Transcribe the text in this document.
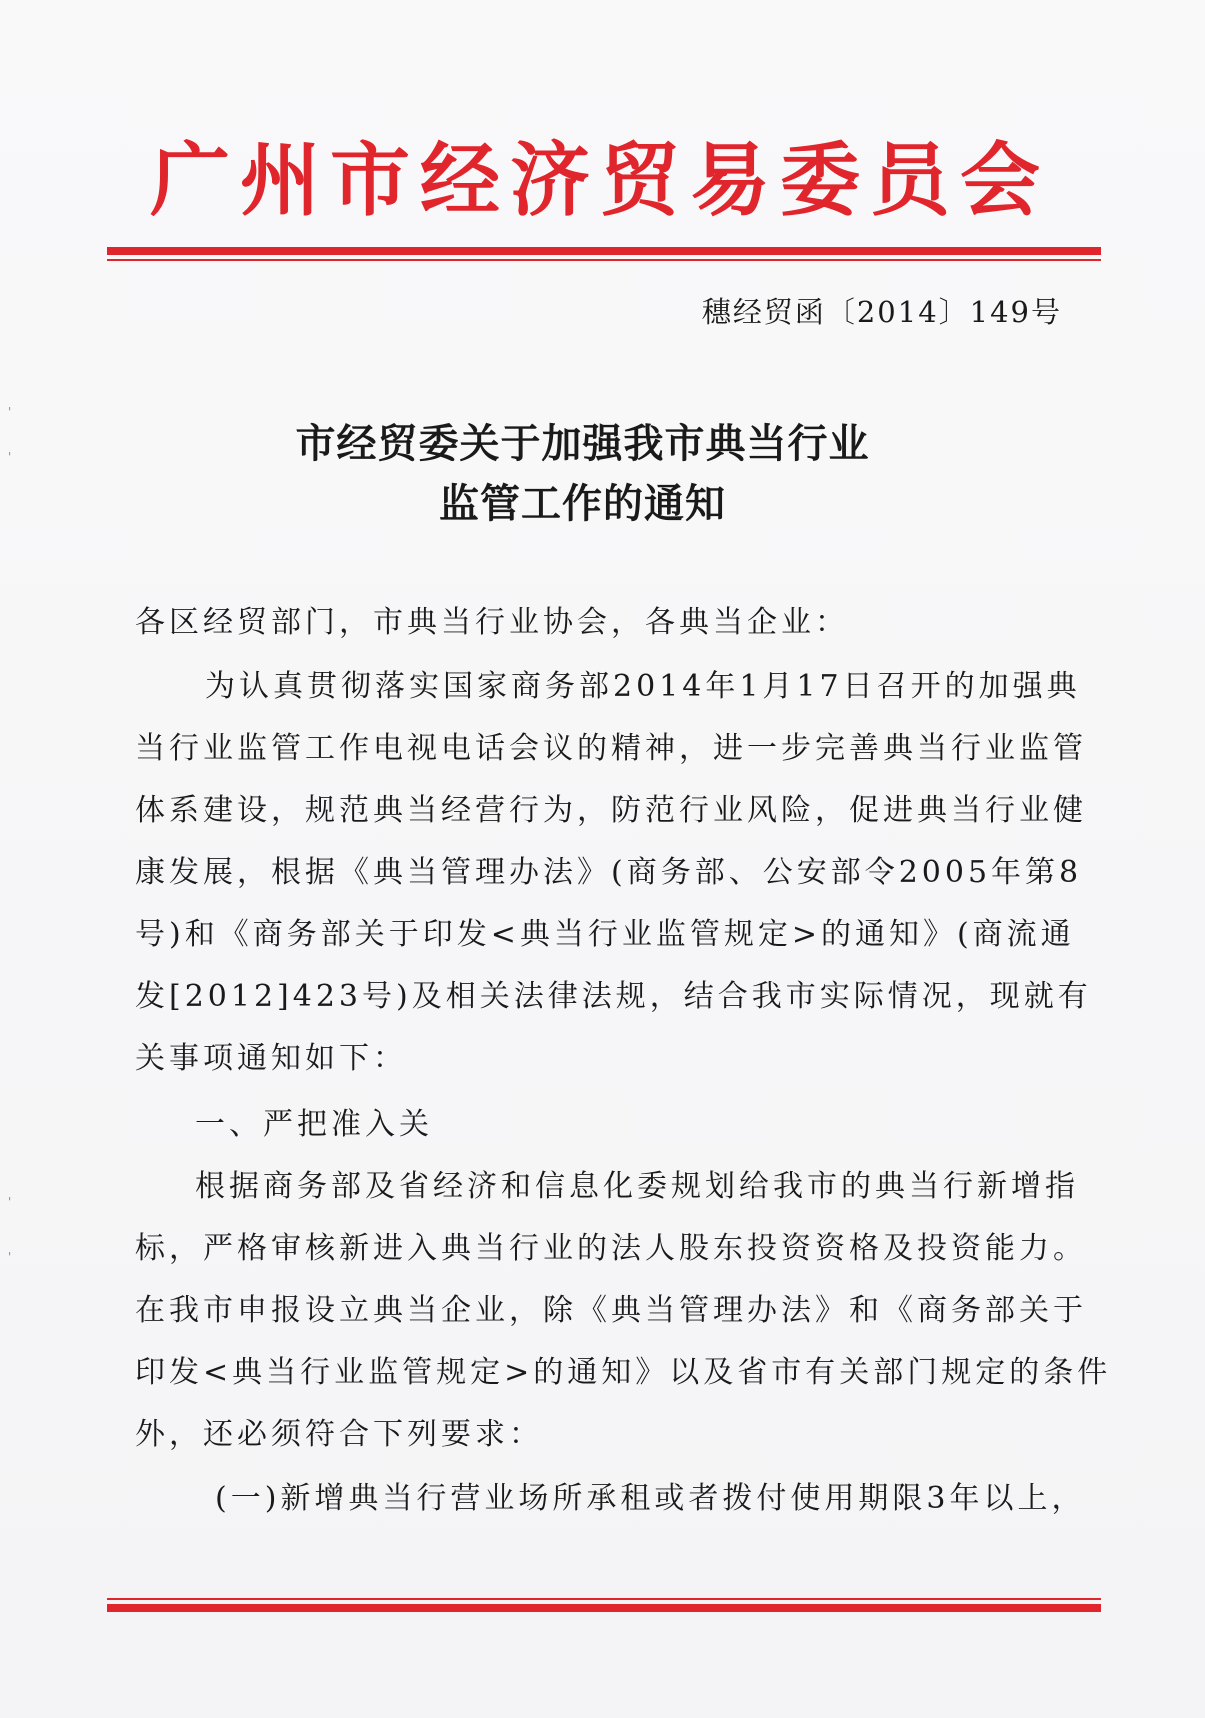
广州市经济贸易委员会
穗经贸函〔2014〕149号
市经贸委关于加强我市典当行业
监管工作的通知
各区经贸部门，市典当行业协会，各典当企业：
为认真贯彻落实国家商务部2014年1月17日召开的加强典
当行业监管工作电视电话会议的精神，进一步完善典当行业监管
体系建设，规范典当经营行为，防范行业风险，促进典当行业健
康发展，根据《典当管理办法》(商务部、公安部令2005年第8
号)和《商务部关于印发<典当行业监管规定>的通知》(商流通
发[2012]423号)及相关法律法规，结合我市实际情况，现就有
关事项通知如下：
一、严把准入关
根据商务部及省经济和信息化委规划给我市的典当行新增指
标，严格审核新进入典当行业的法人股东投资资格及投资能力。
在我市申报设立典当企业，除《典当管理办法》和《商务部关于
印发<典当行业监管规定>的通知》以及省市有关部门规定的条件
外，还必须符合下列要求：
(一)新增典当行营业场所承租或者拨付使用期限3年以上，
'
'
'
'
